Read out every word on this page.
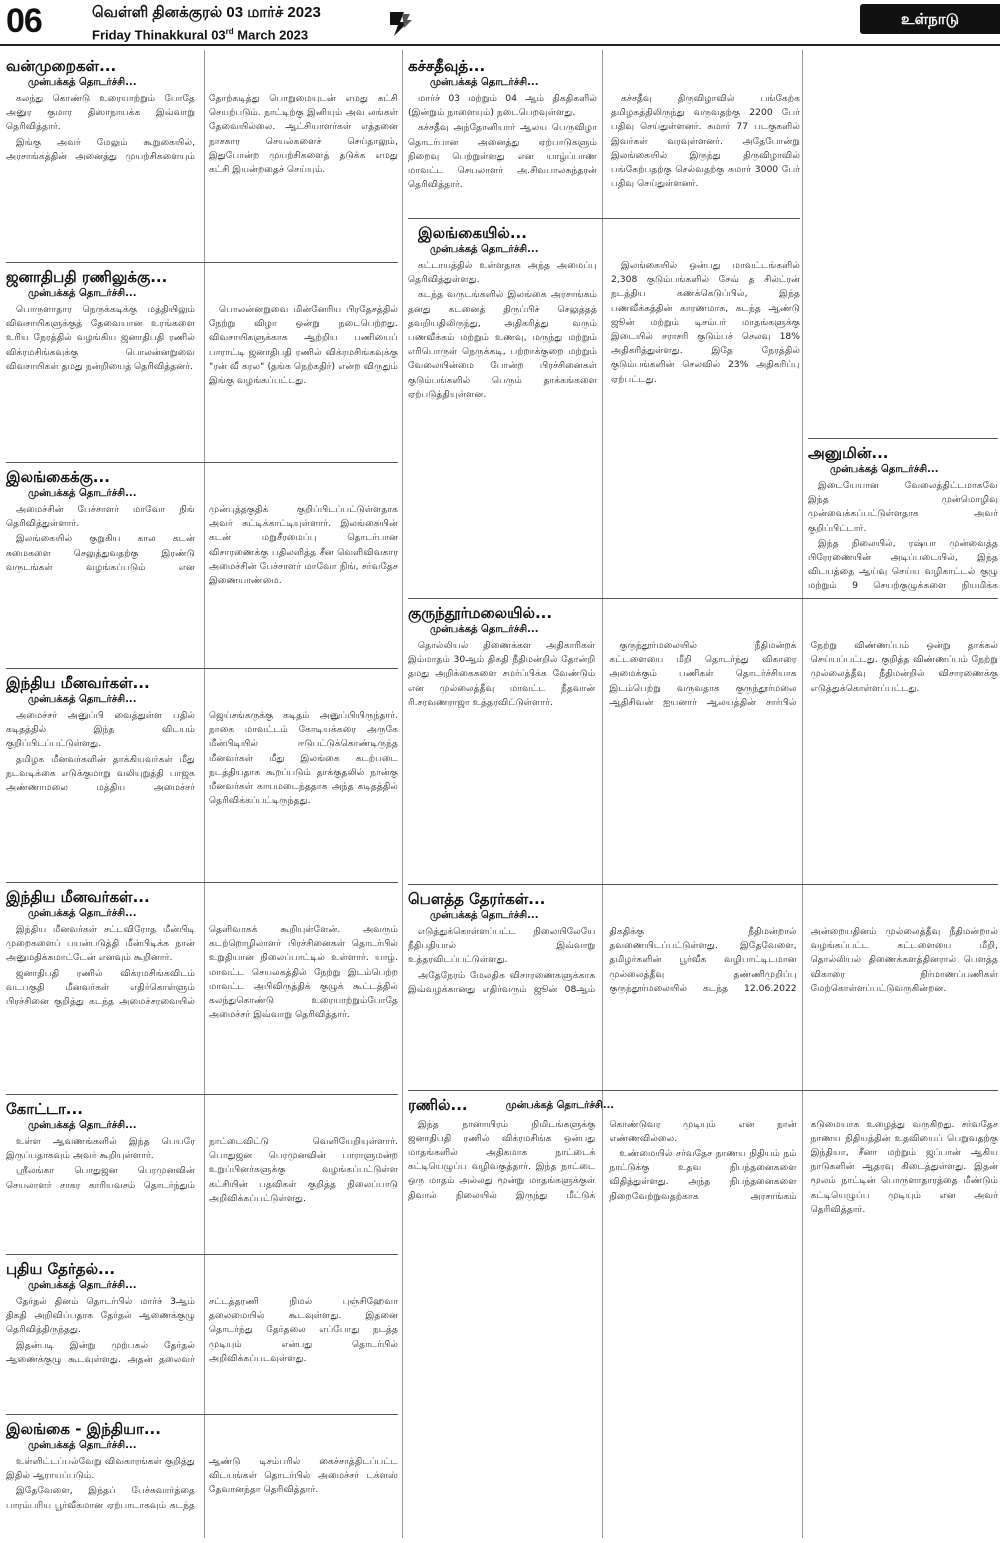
06	வெள்ளி தினக்குரல் 03 மார்ச் 2023
Friday Thinakkural 03rd March 2023
உள்நாடு
வன்முறைகள்...
முன்பக்கத் தொடர்ச்சி...

கலந்து கொண்டு உரையாற்றும் போதே அனுர குமார திஸாநாயக்க இவ்வாறு தெரிவித்தார்.

இங்கு அவர் மேலும் கூறுகையில், அரசாங்கத்தின் அனைத்து முயற்சிகளையும் தோற்கடித்து பொறுமையுடன் எமது கட்சி செயற்படும். நாட்டிற்கு இனியும் அவ லங்கள் தேவையில்லை. ஆட்சியாளர்கள் எத்தனை நாசகார செயல்களைச் செய்தாலும், இதுபோன்ற முயற்சிகளைத் தடுக்க எமது கட்சி இயன்றதைச் செய்யும்.

ஜனாதிபதி ரணிலுக்கு...
முன்பக்கத் தொடர்ச்சி...

பொருளாதார நெருக்கடிக்கு மத்தியிலும் விவசாயிகளுக்குத் தேவையான உரங்களை உரிய நேரத்தில் வழங்கிய ஜனாதிபதி ரணில் விக்ரமசிங்கவுக்கு பொலன்னறுவை விவசாயிகள் தமது நன்றியைத் தெரிவித்தனர்.

பொலன்னறுவை மின்னேரிய பிரதேசத்தில் நேற்று விழா ஒன்று நடைபெற்றது. விவசாயிகளுக்காக ஆற்றிய பணியைப் பாராட்டி ஜனாதிபதி ரணில் விக்ரமசிங்கவுக்கு "ரன் வீ கரல" (தங்க நெற்கதிர்) என்ற விருதும் இங்கு வழங்கப்பட்டது.

இலங்கைக்கு...
முன்பக்கத் தொடர்ச்சி...

அமைச்சின் பேச்சாளர் மாவோ நிங் தெரிவித்துள்ளார்.

இலங்கையில் குறுகிய கால கடன் சுமைகளை செலுத்துவதற்கு இரண்டு வருடங்கள் வழங்கப்படும் என முன்புத்தகுதிக் குறிப்பிடப்பட்டுள்ளதாக அவர் சுட்டிக்காட்டியுள்ளார். இலங்கையின் கடன் மறுசீரமைப்பு தொடர்பான விசாரணைக்கு பதிலளித்த சீன வெளிவிவகார அமைச்சின் பேச்சாளர் மாவோ நிங், சர்வதேச இணையாண்மை.

இந்திய மீனவர்கள்...
முன்பக்கத் தொடர்ச்சி...

அமைச்சர் அனுப்பி வைத்துள்ள பதில் கடிதத்தில் இந்த விடயம் குறிப்பிடப்பட்டுள்ளது.

தமிழக மீனவர்களின் தாக்கியவர்கள் மீது நடவடிக்கை எடுக்குமாறு வலியுறுத்தி பாஜக அண்ணாமலை மத்திய அமைச்சர் ஜெய்சங்கருக்கு கடிதம் அனுப்பியிருந்தார். நாகை மாவட்டம் கோடியக்கரை அருகே மீன்பிடியில் ஈடுபட்டுக்கொண்டிருந்த மீனவர்கள் மீது இலங்கை கடற்படை நடத்தியதாக கூறப்படும் தாக்குதலில் நான்கு மீனவர்கள் காயமடைந்ததாக அந்த கடிதத்தில் தெரிவிக்கப்பட்டிருந்தது.

இந்திய மீனவர்கள்...
முன்பக்கத் தொடர்ச்சி...

இந்திய மீனவர்கள் சட்டவிரோத மீன்பிடி முறைகளைப் பயன்படுத்தி மீன்பிடிக்க நான் அனுமதிக்கமாட்டேன் எனவும் கூறினார்.

ஜனாதிபதி ரணில் விக்ரமசிங்கவிடம் வடபகுதி மீனவர்கள் எதிர்கொள்ளும் பிரச்சினை குறித்து கடந்த அமைச்சரவையில் தெளிவாகக் கூறியுள்ளேன். அவரும் கடற்றொழிலாளர் பிரச்சினைகள் தொடர்பில் உறுதியான நிலைப்பாட்டில் உள்ளார். யாழ். மாவட்ட செயலகத்தில் நேற்று இடம்பெற்ற மாவட்ட அபிவிருத்திக் குழுக் கூட்டத்தில் கலந்துகொண்டு உரையாற்றும்போதே அமைச்சர் இவ்வாறு தெரிவித்தார்.

கோட்டா...
முன்பக்கத் தொடர்ச்சி...

உள்ள ஆவணங்களில் இந்த பெயரே இருப்பதாகவும் அவர் கூறியுள்ளார்.

ஸ்ரீலங்கா பொதுஜன பெரமுனவின் செயலாளர் சாகர காரியவசம் தொடர்ந்தும் நாட்டைவிட்டு வெளியேறியுள்ளார். பொதுஜன பெரமுனவின் பாராளுமன்ற உறுப்பினர்களுக்கு வழங்கப்பட்டுள்ள கட்சியின் பதவிகள் குறித்த நிலைப்பாடு அறிவிக்கப்பட்டுள்ளது.

புதிய தேர்தல்...
முன்பக்கத் தொடர்ச்சி...

தேர்தல் தினம் தொடர்பில் மார்ச் 3ஆம் திகதி அறிவிப்பதாக தேர்தல் ஆணைக்குழு தெரிவித்திருந்தது.

இதன்படி இன்று முற்பகல் தேர்தல் ஆணைக்குழு கூடவுள்ளது. அதன் தலைவர் சட்டத்தரணி நிமல் புஞ்சிஹேவா தலைமையில் கூடவுள்ளது. இதனை தொடர்ந்து தேர்தலை எப்போது நடத்த முடியும் என்பது தொடர்பில் அறிவிக்கப்படவுள்ளது.

இலங்கை - இந்தியா...
முன்பக்கத் தொடர்ச்சி...

உள்ளிட்டப்பல்வேறு விவகாரங்கள் குறித்து இதில் ஆராயப்படும்.

இதேவேளை, இந்தப் பேச்சுவார்த்தை பாரம்பரிய பூர்வீகமான ஏற்பாடாகவும் கடந்த ஆண்டு டிசம்பரில் கைச்சாத்திடப்பட்ட விடயங்கள் தொடர்பில் அமைச்சர் டக்ளஸ் தேவானந்தா தெரிவித்தார்.

கச்சதீவுத்...
முன்பக்கத் தொடர்ச்சி...

மார்ச் 03 மற்றும் 04 ஆம் திகதிகளில் (இன்றும் நாளையும்) நடைபெறவுள்ளது.

கச்சதீவு அந்தோனியார் ஆலய பெருவிழா தொடர்பான அனைத்து ஏற்பாடுகளும் நிறைவு பெற்றுள்ளது என யாழ்ப்பாண மாவட்ட செயலாளர் அ.சிவபாலசுந்தரன் தெரிவித்தார்.

கச்சதீவு திருவிழாவில் பங்கேற்க தமிழகத்திலிருந்து வருவதற்கு 2200 பேர் பதிவு செய்துள்ளனர். சுமார் 77 படகுகளில் இவர்கள் வரவுள்ளனர். அதேபோன்று இலங்கையில் இருந்து திருவிழாவில் பங்கேற்பதற்கு செல்வதற்கு சுமார் 3000 பேர் பதிவு செய்துள்ளனர்.

இலங்கையில்...
முன்பக்கத் தொடர்ச்சி...

கட்டாயத்தில் உள்ளதாக அந்த அமைப்பு தெரிவித்துள்ளது.

கடந்த வருடங்களில் இலங்கை அரசாங்கம் தனது கடனைத் திருப்பிச் செலுத்தத் தவறியதிலிருந்து, அதிகரித்து வரும் பணவீக்கம் மற்றும் உணவு, மருந்து மற்றும் எரிபொருள் நெருக்கடி, பற்றாக்குறை மற்றும் வேலையின்மை போன்ற பிரச்சினைகள் குடும்பங்களில் பெரும் தாக்கங்களை ஏற்படுத்தியுள்ளன.

இலங்கையில் ஒன்பது மாவட்டங்களில் 2,308 குடும்பங்களில் சேவ் த சில்ட்ரன் நடத்திய கணக்கெடுப்பில், இந்த பணவீக்கத்தின் காரணமாக, கடந்த ஆண்டு ஜூன் மற்றும் டிசம்பர் மாதங்களுக்கு இடையில் சராசரி குடும்பச் செலவு 18% அதிகரித்துள்ளது. இதே நேரத்தில் குடும்பங்களின் செலவில் 23% அதிகரிப்பு ஏற்பட்டது.

குருந்தூர்மலையில்...
முன்பக்கத் தொடர்ச்சி...

தொல்லியல் திணைக்கள அதிகாரிகள் இம்மாதம் 30ஆம் திகதி நீதிமன்றில் தோன்றி தமது அறிக்கைகளை சமர்ப்பிக்க வேண்டும் என முல்லைத்தீவு மாவட்ட நீதவான் ரி.சரவணராஜா உத்தரவிட்டுள்ளார்.

குருந்தூர்மலையில் நீதிமன்றக் கட்டளையை மீறி தொடர்ந்து விகாரை அமைக்கும் பணிகள் தொடர்ச்சியாக இடம்பெற்று வருவதாக குருந்தூர்மலை ஆதிசிவன் ஐயனார் ஆலயத்தின் சார்பில் நேற்று விண்ணப்பம் ஒன்று தாக்கல் செய்யப்பட்டது. குறித்த விண்ணப்பம் நேற்று முல்லைத்தீவு நீதிமன்றில் விசாரணைக்கு எடுத்துக்கொள்ளப்பட்டது.

பௌத்த தேரர்கள்...
முன்பக்கத் தொடர்ச்சி...

எடுத்துக்கொள்ளப்பட்ட நிலையிலேயே நீதிபதியால் இவ்வாறு உத்தரவிடப்பட்டுள்ளது.

அதேநேரம் மேலதிக விசாரணைகளுக்காக இவ்வழக்கானது எதிர்வரும் ஜூன் 08ஆம் திகதிக்கு நீதிமன்றால் தவணையிடப்பட்டுள்ளது. இதேவேளை, தமிழர்களின் பூர்வீக வழிபாட்டிடமான முல்லைத்தீவு தண்ணிமுறிப்பு குருந்தூர்மலையில் கடந்த 12.06.2022 அன்றையதினம் முல்லைத்தீவு நீதிமன்றால் வழங்கப்பட்ட கட்டளையை மீறி, தொல்லியல் திணைக்களத்தினரால் பௌத்த விகாரை நிர்மாணப்பணிகள் மேற்கொள்ளப்பட்டுவருகின்றன.

அனுமின்...
முன்பக்கத் தொடர்ச்சி...

இடையேயான வேலைத்திட்டமாகவே இந்த முன்மொழிவு முன்வைக்கப்பட்டுள்ளதாக அவர் குறிப்பிட்டார்.

இந்த நிலையில், ரஷ்யா முன்வைத்த பிரேரணையின் அடிப்படையில், இந்த விடயத்தை ஆய்வு செய்ய வழிகாட்டல் குழு மற்றும் 9 செயற்குழுக்களை நியமிக்க

ரணில்...	முன்பக்கத் தொடர்ச்சி...

இந்த நானாயிரம் நிமிடங்களுக்கு ஜனாதிபதி ரணில் விக்ரமசிங்க ஒன்பது மாதங்களில் அதிகமாக நாட்டைக் கட்டியெழுப்ப வழிவகுத்தார். இந்த நாட்டை ஒரு மாதம் அல்லது மூன்று மாதங்களுக்குள் திவால் நிலையில் இருந்து மீட்டுக் கொண்டுவர முடியும் என நான் எண்ணவில்லை.

உண்மையில் சர்வதேச நாணய நிதியம் நம் நாட்டுக்கு உதவ நிபந்தனைகளை விதித்துள்ளது. அந்த நிபந்தனைகளை நிறைவேற்றுவதற்காக அரசாங்கம் கடுமையாக உழைத்து வருகிறது. சர்வதேச நாணய நிதியத்தின் உதவியைப் பெறுவதற்கு இந்தியா, சீனா மற்றும் ஜப்பான் ஆகிய நாடுகளின் ஆதரவு கிடைத்துள்ளது. இதன் மூலம் நாட்டின் பொருளாதாரத்தை மீண்டும் கட்டியெழுப்ப முடியும் என அவர் தெரிவித்தார்.
